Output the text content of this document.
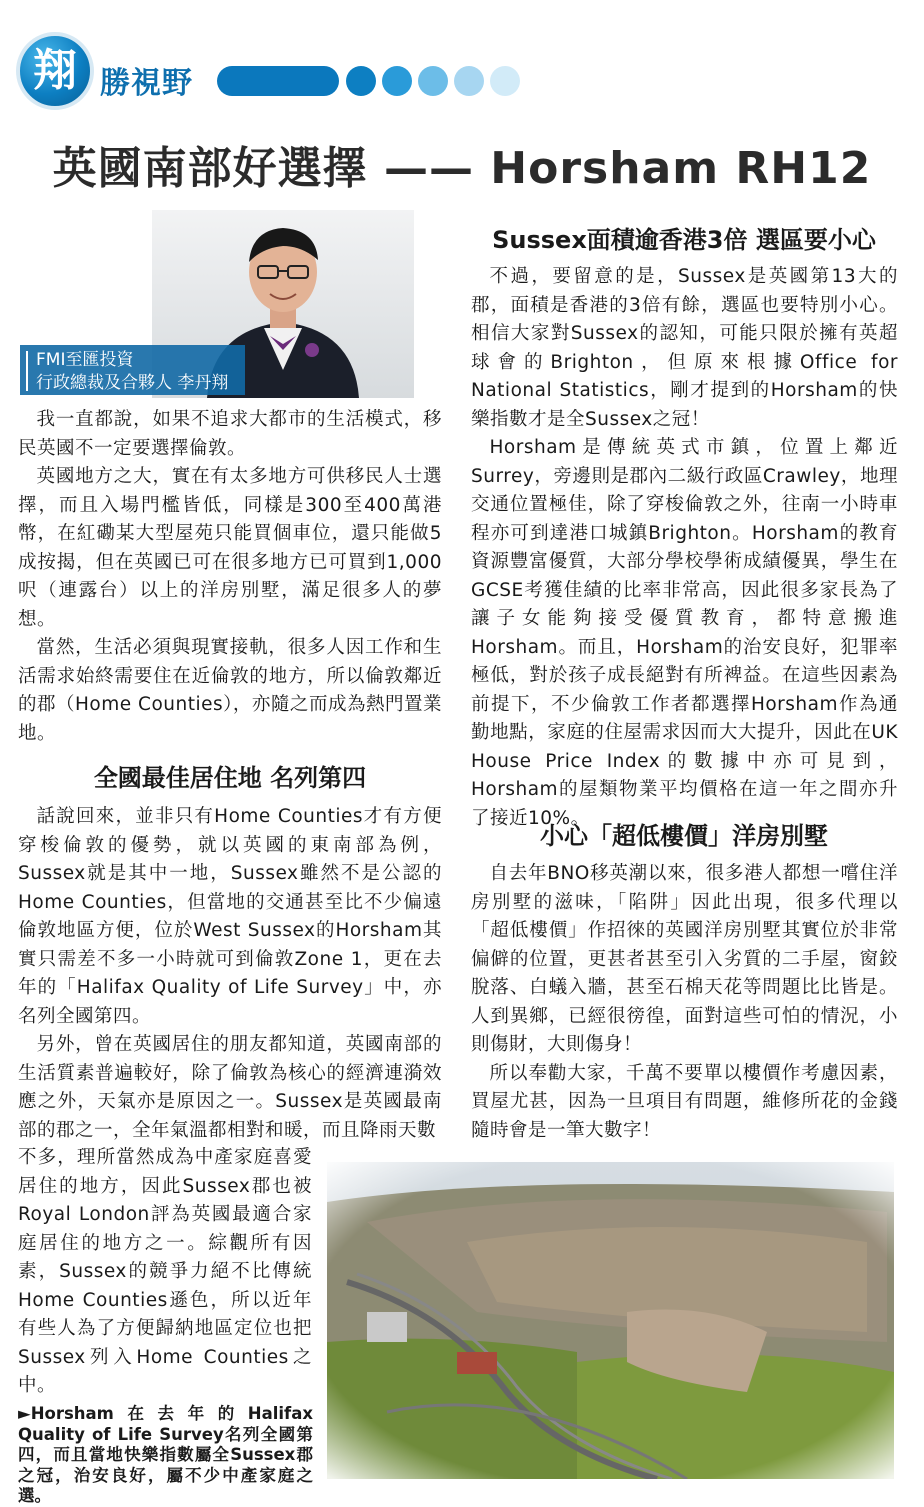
翔 勝視野
英國南部好選擇 —— Horsham RH12
FMI至匯投資
行政總裁及合夥人 李丹翔

我一直都說，如果不追求大都市的生活模式，移民英國不一定要選擇倫敦。

英國地方之大，實在有太多地方可供移民人士選擇，而且入場門檻皆低，同樣是300至400萬港幣，在紅磡某大型屋苑只能買個車位，還只能做5成按揭，但在英國已可在很多地方已可買到1,000呎（連露台）以上的洋房別墅，滿足很多人的夢想。

當然，生活必須與現實接軌，很多人因工作和生活需求始終需要住在近倫敦的地方，所以倫敦鄰近的郡（Home Counties），亦隨之而成為熱門置業地。

全國最佳居住地 名列第四

話說回來，並非只有Home Counties才有方便穿梭倫敦的優勢，就以英國的東南部為例，Sussex就是其中一地，Sussex雖然不是公認的Home Counties，但當地的交通甚至比不少偏遠倫敦地區方便，位於West Sussex的Horsham其實只需差不多一小時就可到倫敦Zone 1，更在去年的「Halifax Quality of Life Survey」中，亦名列全國第四。

另外，曾在英國居住的朋友都知道，英國南部的生活質素普遍較好，除了倫敦為核心的經濟連漪效應之外，天氣亦是原因之一。Sussex是英國最南部的郡之一，全年氣溫都相對和暖，而且降雨天數

不多，理所當然成為中產家庭喜愛居住的地方，因此Sussex郡也被Royal London評為英國最適合家庭居住的地方之一。綜觀所有因素，Sussex的競爭力絕不比傳統Home Counties遜色，所以近年有些人為了方便歸納地區定位也把Sussex列入Home Counties之中。

►Horsham在去年的Halifax Quality of Life Survey名列全國第四，而且當地快樂指數屬全Sussex郡之冠，治安良好，屬不少中產家庭之選。
Sussex面積逾香港3倍 選區要小心

不過，要留意的是，Sussex是英國第13大的郡，面積是香港的3倍有餘，選區也要特別小心。相信大家對Sussex的認知，可能只限於擁有英超球會的Brighton，但原來根據Office for National Statistics，剛才提到的Horsham的快樂指數才是全Sussex之冠！

Horsham是傳統英式市鎮，位置上鄰近Surrey，旁邊則是郡內二級行政區Crawley，地理交通位置極佳，除了穿梭倫敦之外，往南一小時車程亦可到達港口城鎮Brighton。Horsham的教育資源豐富優質，大部分學校學術成績優異，學生在GCSE考獲佳績的比率非常高，因此很多家長為了讓子女能夠接受優質教育，都特意搬進Horsham。而且，Horsham的治安良好，犯罪率極低，對於孩子成長絕對有所裨益。在這些因素為前提下，不少倫敦工作者都選擇Horsham作為通勤地點，家庭的住屋需求因而大大提升，因此在UK House Price Index的數據中亦可見到，Horsham的屋類物業平均價格在這一年之間亦升了接近10%。

小心「超低樓價」洋房別墅

自去年BNO移英潮以來，很多港人都想一嚐住洋房別墅的滋味，「陷阱」因此出現，很多代理以「超低樓價」作招徠的英國洋房別墅其實位於非常偏僻的位置，更甚者甚至引入劣質的二手屋，窗鉸脫落、白蟻入牆，甚至石棉天花等問題比比皆是。人到異鄉，已經很徬徨，面對這些可怕的情況，小則傷財，大則傷身！

所以奉勸大家，千萬不要單以樓價作考慮因素，買屋尤甚，因為一旦項目有問題，維修所花的金錢隨時會是一筆大數字！
